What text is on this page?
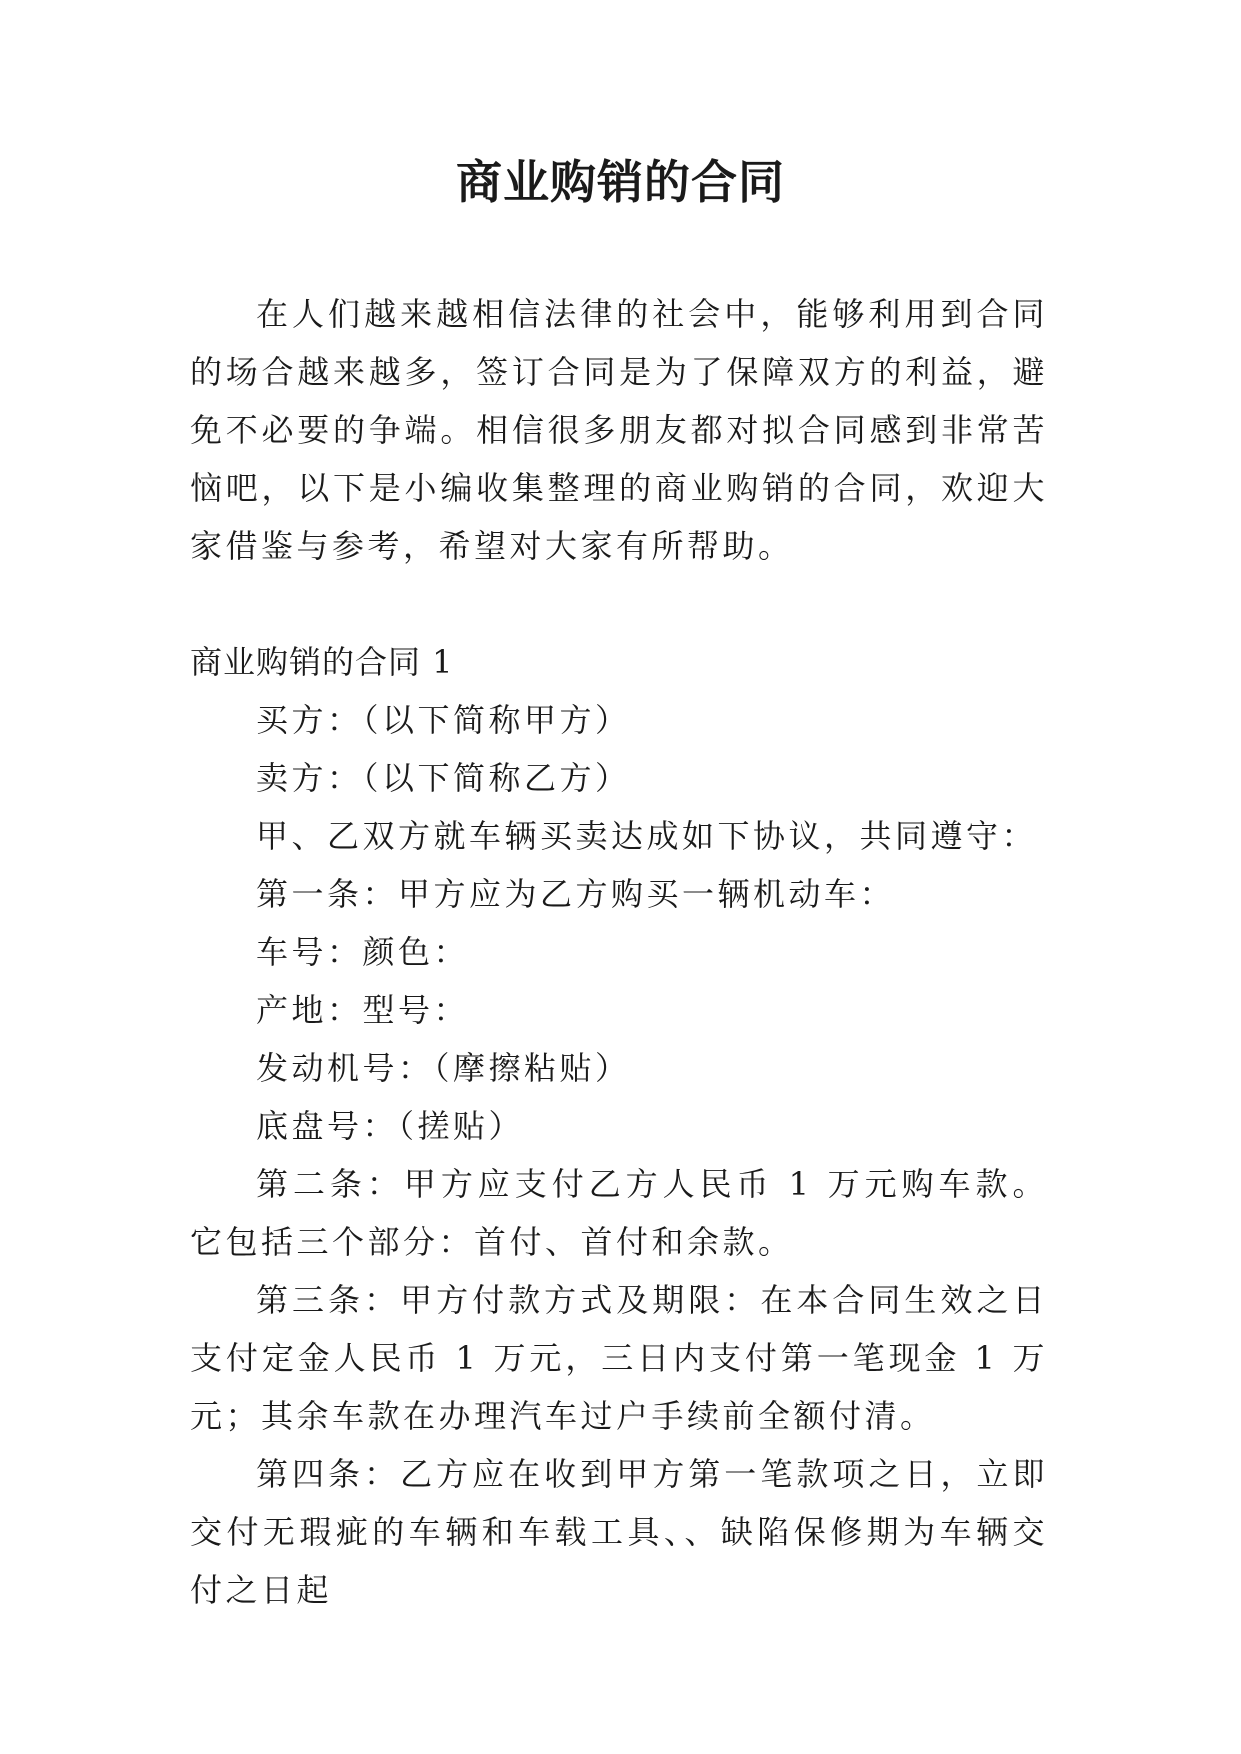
商业购销的合同

在人们越来越相信法律的社会中，能够利用到合同的场合越来越多，签订合同是为了保障双方的利益，避免不必要的争端。相信很多朋友都对拟合同感到非常苦恼吧，以下是小编收集整理的商业购销的合同，欢迎大家借鉴与参考，希望对大家有所帮助。

商业购销的合同 1

买方：（以下简称甲方）

卖方：（以下简称乙方）

甲、乙双方就车辆买卖达成如下协议，共同遵守：

第一条：甲方应为乙方购买一辆机动车：

车号：颜色：

产地：型号：

发动机号：（摩擦粘贴）

底盘号：（搓贴）

第二条：甲方应支付乙方人民币 1 万元购车款。它包括三个部分：首付、首付和余款。

第三条：甲方付款方式及期限：在本合同生效之日支付定金人民币 1 万元，三日内支付第一笔现金 1 万元；其余车款在办理汽车过户手续前全额付清。

第四条：乙方应在收到甲方第一笔款项之日，立即交付无瑕疵的车辆和车载工具、、缺陷保修期为车辆交付之日起
